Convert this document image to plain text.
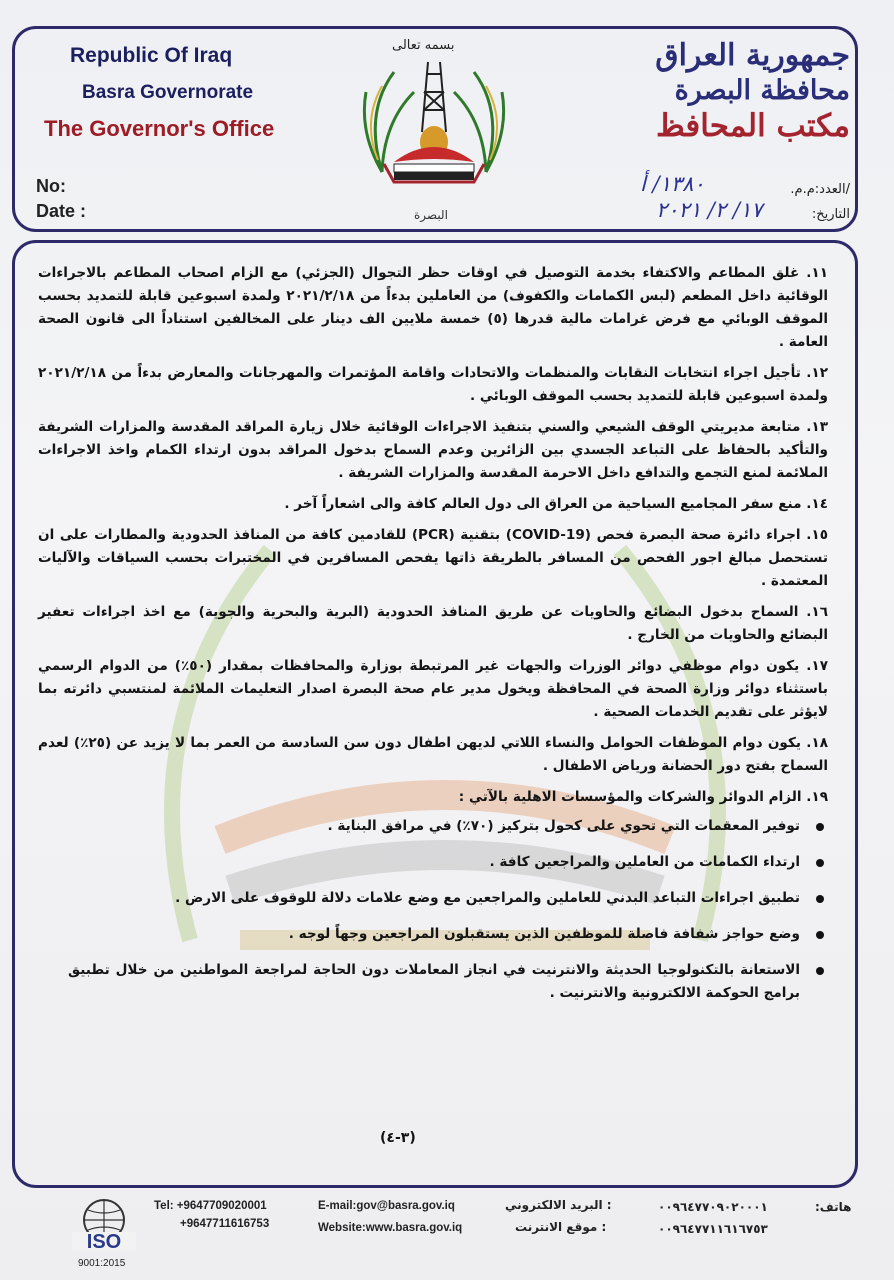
Republic Of Iraq
Basra Governorate
The Governor's Office
No:
Date :
بسمه تعالى
البصرة
جمهورية العراق
محافظة البصرة
مكتب المحافظ
/العدد:م.م.
التاريخ:
١٣٨٠/ أ
١٧/ ٢/ ٢٠٢١
١١. غلق المطاعم والاكتفاء بخدمة التوصيل في اوقات حظر التجوال (الجزئي) مع الزام اصحاب المطاعم بالاجراءات الوقائية داخل المطعم (لبس الكمامات والكفوف) من العاملين بدءاً من ٢٠٢١/٢/١٨ ولمدة اسبوعين قابلة للتمديد بحسب الموقف الوبائي مع فرض غرامات مالية قدرها (٥) خمسة ملايين الف دينار على المخالفين استناداً الى قانون الصحة العامة .
١٢. تأجيل اجراء انتخابات النقابات والمنظمات والاتحادات واقامة المؤتمرات والمهرجانات والمعارض بدءاً من ٢٠٢١/٢/١٨ ولمدة اسبوعين قابلة للتمديد بحسب الموقف الوبائي .
١٣. متابعة مديريتي الوقف الشيعي والسني بتنفيذ الاجراءات الوقائية خلال زيارة المراقد المقدسة والمزارات الشريفة والتأكيد بالحفاظ على التباعد الجسدي بين الزائرين وعدم السماح بدخول المراقد بدون ارتداء الكمام واخذ الاجراءات الملائمة لمنع التجمع والتدافع داخل الاحرمة المقدسة والمزارات الشريفة .
١٤. منع سفر المجاميع السياحية من العراق الى دول العالم كافة والى اشعاراً آخر .
١٥. اجراء دائرة صحة البصرة فحص (COVID-19) بتقنية (PCR) للقادمين كافة من المنافذ الحدودية والمطارات على ان تستحصل مبالغ اجور الفحص من المسافر بالطريقة ذاتها يفحص المسافرين في المختبرات بحسب السياقات والآليات المعتمدة .
١٦. السماح بدخول البضائع والحاويات عن طريق المنافذ الحدودية (البرية والبحرية والجوية) مع اخذ اجراءات تعفير البضائع والحاويات من الخارج .
١٧. يكون دوام موظفي دوائر الوزرات والجهات غير المرتبطة بوزارة والمحافظات بمقدار (٥٠٪) من الدوام الرسمي باستثناء دوائر وزارة الصحة في المحافظة ويخول مدير عام صحة البصرة اصدار التعليمات الملائمة لمنتسبي دائرته بما لايؤثر على تقديم الخدمات الصحية .
١٨. يكون دوام الموظفات الحوامل والنساء اللاتي لديهن اطفال دون سن السادسة من العمر بما لا يزيد عن (٢٥٪) لعدم السماح بفتح دور الحضانة ورياض الاطفال .
١٩. الزام الدوائر والشركات والمؤسسات الاهلية بالآتي :
توفير المعقمات التي تحوي على كحول بتركيز (٧٠٪) في مرافق البناية .
ارتداء الكمامات من العاملين والمراجعين كافة .
تطبيق اجراءات التباعد البدني للعاملين والمراجعين مع وضع علامات دلالة للوقوف على الارض .
وضع حواجز شفافة فاصلة للموظفين الذين يستقبلون المراجعين وجهاً لوجه .
الاستعانة بالتكنولوجيا الحديثة والانترنيت في انجاز المعاملات دون الحاجة لمراجعة المواطنين من خلال تطبيق برامج الحوكمة الالكترونية والانترنيت .
(٣-٤)
ISO
9001:2015
Tel: +9647709020001
+9647711616753
E-mail:gov@basra.gov.iq
Website:www.basra.gov.iq
: البريد الالكتروني
: موقع الانترنت
هاتف:
٠٠٩٦٤٧٧٠٩٠٢٠٠٠١
٠٠٩٦٤٧٧١١٦١٦٧٥٣
